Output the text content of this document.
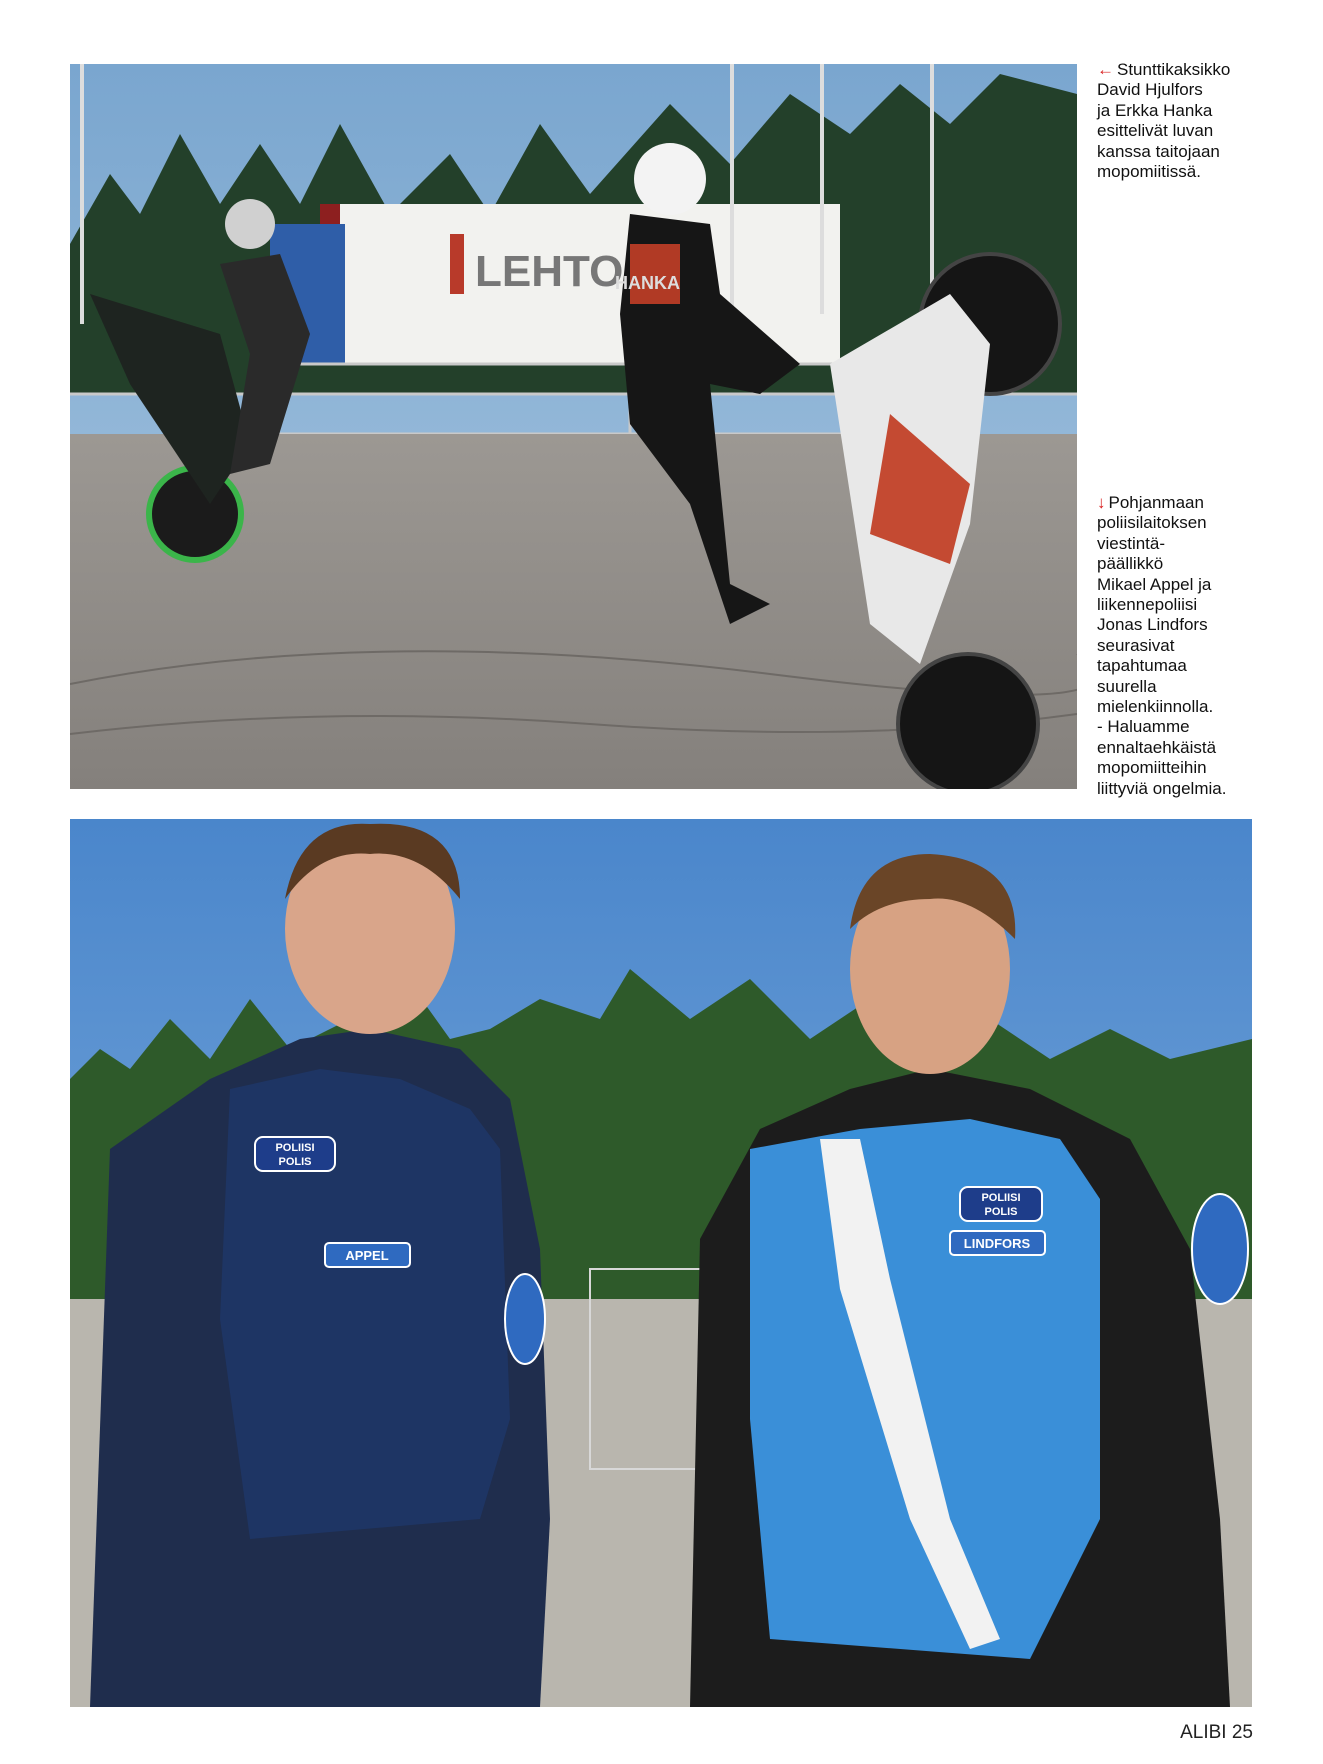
LEHTO
HANKA

← Stunttikaksikko
David Hjulfors
ja Erkka Hanka
esittelivät luvan
kanssa taitojaan
mopomiitissä.

↓ Pohjanmaan
poliisilaitoksen
viestintä-
päällikkö
Mikael Appel ja
liikennepoliisi
Jonas Lindfors
seurasivat
tapahtumaa
suurella
mielenkiinnolla.
- Haluamme
ennaltaehkäistä
mopomiitteihin
liittyviä ongelmia.

POLIISI
POLIS
APPEL
POLIISI
POLIS
LINDFORS
ALIBI 25
